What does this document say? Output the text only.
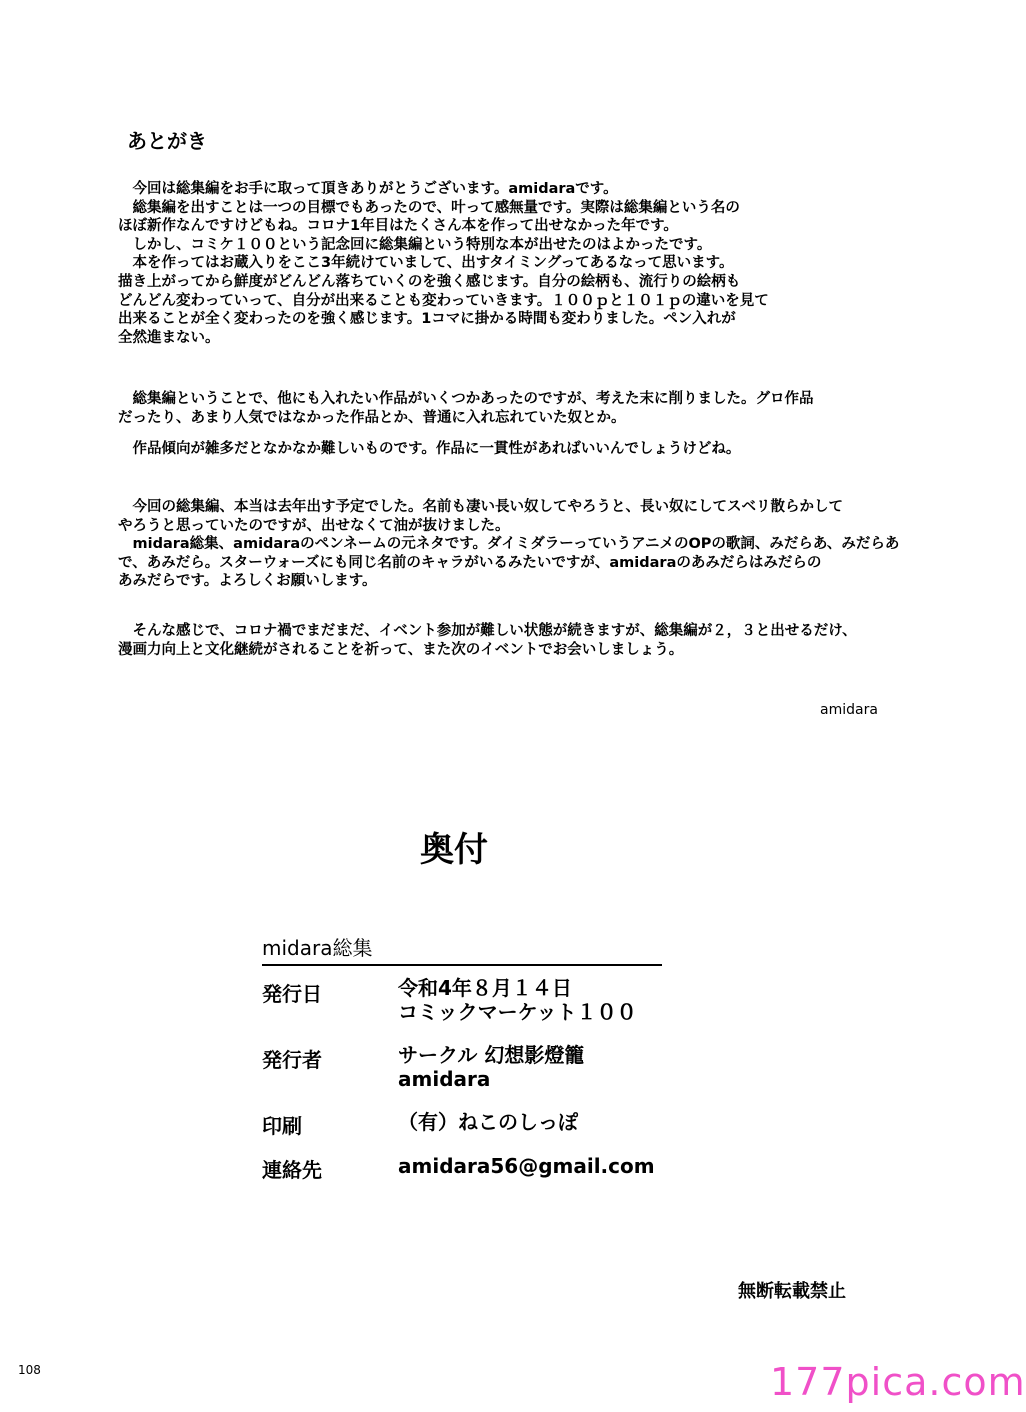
あとがき

　今回は総集編をお手に取って頂きありがとうございます。amidaraです。
　総集編を出すことは一つの目標でもあったので、叶って感無量です。実際は総集編という名の
ほぼ新作なんですけどもね。コロナ1年目はたくさん本を作って出せなかった年です。
　しかし、コミケ１００という記念回に総集編という特別な本が出せたのはよかったです。
　本を作ってはお蔵入りをここ3年続けていまして、出すタイミングってあるなって思います。
描き上がってから鮮度がどんどん落ちていくのを強く感じます。自分の絵柄も、流行りの絵柄も
どんどん変わっていって、自分が出来ることも変わっていきます。１００ｐと１０１ｐの違いを見て
出来ることが全く変わったのを強く感じます。1コマに掛かる時間も変わりました。ペン入れが
全然進まない。

　総集編ということで、他にも入れたい作品がいくつかあったのですが、考えた末に削りました。グロ作品
だったり、あまり人気ではなかった作品とか、普通に入れ忘れていた奴とか。

　作品傾向が雑多だとなかなか難しいものです。作品に一貫性があればいいんでしょうけどね。

　今回の総集編、本当は去年出す予定でした。名前も凄い長い奴してやろうと、長い奴にしてスベリ散らかして
やろうと思っていたのですが、出せなくて油が抜けました。
　midara総集、amidaraのペンネームの元ネタです。ダイミダラーっていうアニメのOPの歌詞、みだらあ、みだらあ
で、あみだら。スターウォーズにも同じ名前のキャラがいるみたいですが、amidaraのあみだらはみだらの
あみだらです。よろしくお願いします。

　そんな感じで、コロナ禍でまだまだ、イベント参加が難しい状態が続きますが、総集編が２，３と出せるだけ、
漫画力向上と文化継続がされることを祈って、また次のイベントでお会いしましょう。

amidara
奥付
midara総集
発行日	令和4年８月１４日
コミックマーケット１００
発行者	サークル 幻想影燈籠
amidara
印刷	（有）ねこのしっぽ
連絡先	amidara56@gmail.com
無断転載禁止
108	177pica.com
